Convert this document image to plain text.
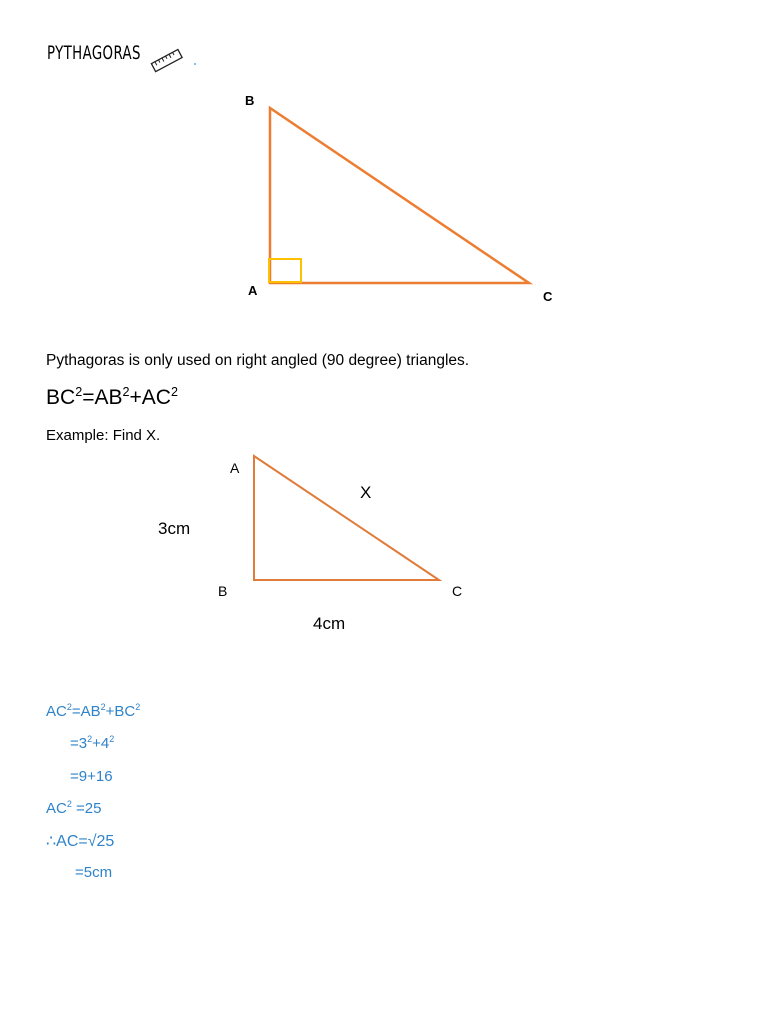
PYTHAGORAS
B
A	C
Pythagoras is only used on right angled (90 degree) triangles.
$BC^2=AB^2+AC^2$
Example: Find X.
A
X
3cm
B	C
4cm
$AC^2=AB^2+BC^2$
$=3^2+4^2$
=9+16
$AC^2 =25$
∴AC=√25
=5cm
